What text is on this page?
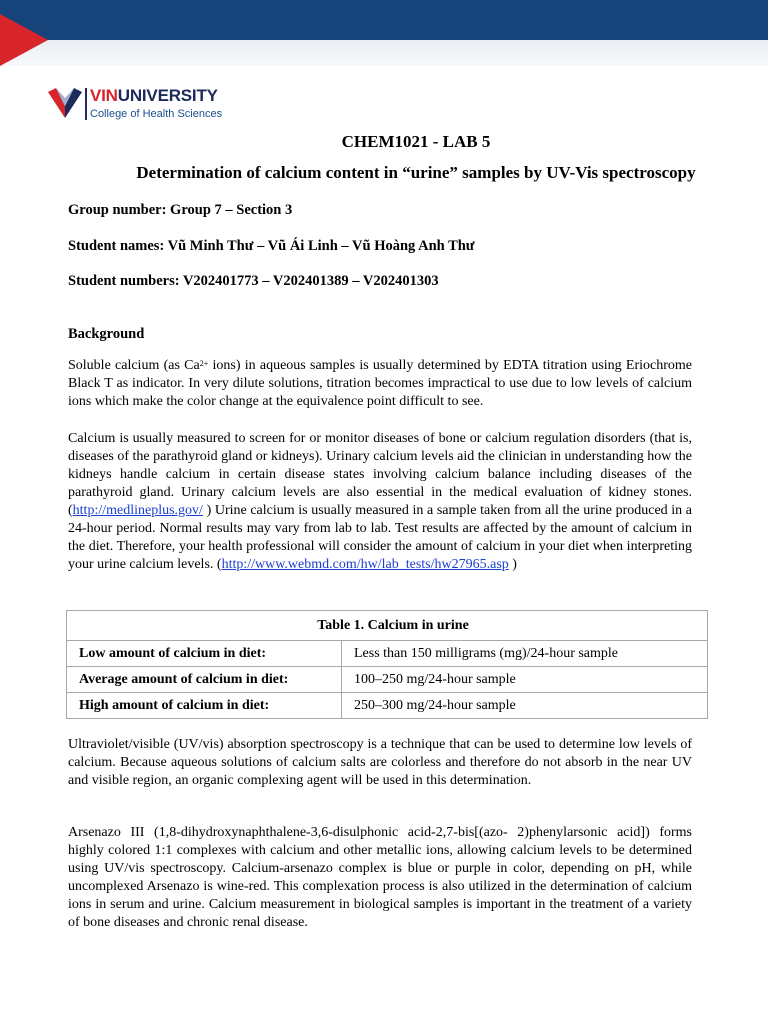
VINUNIVERSITY
College of Health Sciences
CHEM1021 - LAB 5
Determination of calcium content in “urine” samples by UV-Vis spectroscopy
Group number: Group 7 – Section 3
Student names: Vũ Minh Thư – Vũ Ái Linh – Vũ Hoàng Anh Thư
Student numbers: V202401773 – V202401389 – V202401303
Background

Soluble calcium (as $Ca^{2+}$ ions) in aqueous samples is usually determined by EDTA titration using Eriochrome Black T as indicator. In very dilute solutions, titration becomes impractical to use due to low levels of calcium ions which make the color change at the equivalence point difficult to see.

Calcium is usually measured to screen for or monitor diseases of bone or calcium regulation disorders (that is, diseases of the parathyroid gland or kidneys). Urinary calcium levels aid the clinician in understanding how the kidneys handle calcium in certain disease states involving calcium balance including diseases of the parathyroid gland. Urinary calcium levels are also essential in the medical evaluation of kidney stones. (http://medlineplus.gov/ ) Urine calcium is usually measured in a sample taken from all the urine produced in a 24-hour period. Normal results may vary from lab to lab. Test results are affected by the amount of calcium in the diet. Therefore, your health professional will consider the amount of calcium in your diet when interpreting your urine calcium levels. (http://www.webmd.com/hw/lab_tests/hw27965.asp )

Table 1. Calcium in urine	
Low amount of calcium in diet:	Less than 150 milligrams (mg)/24-hour sample
Average amount of calcium in diet:	100–250 mg/24-hour sample
High amount of calcium in diet:	250–300 mg/24-hour sample

Ultraviolet/visible (UV/vis) absorption spectroscopy is a technique that can be used to determine low levels of calcium. Because aqueous solutions of calcium salts are colorless and therefore do not absorb in the near UV and visible region, an organic complexing agent will be used in this determination.

Arsenazo III (1,8-dihydroxynaphthalene-3,6-disulphonic acid-2,7-bis[(azo- 2)phenylarsonic acid]) forms highly colored 1:1 complexes with calcium and other metallic ions, allowing calcium levels to be determined using UV/vis spectroscopy. Calcium-arsenazo complex is blue or purple in color, depending on pH, while uncomplexed Arsenazo is wine-red. This complexation process is also utilized in the determination of calcium ions in serum and urine. Calcium measurement in biological samples is important in the treatment of a variety of bone diseases and chronic renal disease.
